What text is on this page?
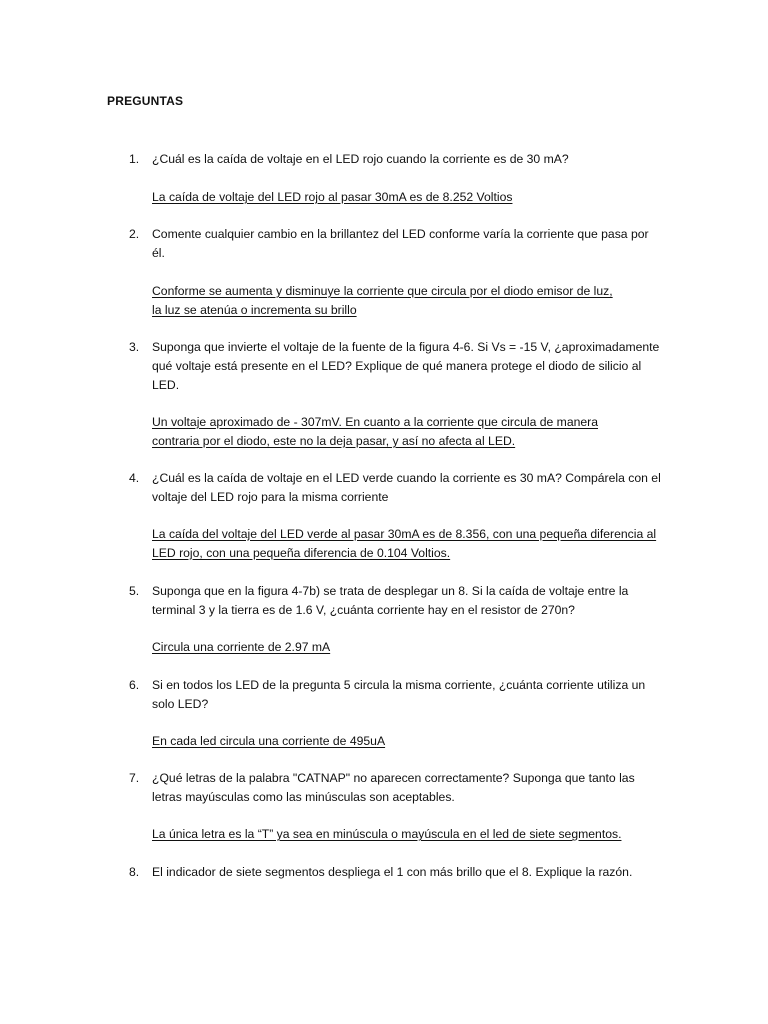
PREGUNTAS
1. ¿Cuál es la caída de voltaje en el LED rojo cuando la corriente es de 30 mA?
La caída de voltaje del LED rojo al pasar 30mA es de 8.252 Voltios
2. Comente cualquier cambio en la brillantez del LED conforme varía la corriente que pasa por él.
Conforme se aumenta y disminuye la corriente que circula por el diodo emisor de luz, la luz se atenúa o incrementa su brillo
3. Suponga que invierte el voltaje de la fuente de la figura 4-6. Si Vs = -15 V, ¿aproximadamente qué voltaje está presente en el LED? Explique de qué manera protege el diodo de silicio al LED.
Un voltaje aproximado de - 307mV. En cuanto a la corriente que circula de manera contraria por el diodo, este no la deja pasar, y así no afecta al LED.
4. ¿Cuál es la caída de voltaje en el LED verde cuando la corriente es 30 mA? Compárela con el voltaje del LED rojo para la misma corriente
La caída del voltaje del LED verde al pasar 30mA es de 8.356, con una pequeña diferencia al LED rojo, con una pequeña diferencia de 0.104 Voltios.
5. Suponga que en la figura 4-7b) se trata de desplegar un 8. Si la caída de voltaje entre la terminal 3 y la tierra es de 1.6 V, ¿cuánta corriente hay en el resistor de 270n?
Circula una corriente de 2.97 mA
6. Si en todos los LED de la pregunta 5 circula la misma corriente, ¿cuánta corriente utiliza un solo LED?
En cada led circula una corriente de 495uA
7. ¿Qué letras de la palabra "CATNAP" no aparecen correctamente? Suponga que tanto las letras mayúsculas como las minúsculas son aceptables.
La única letra es la “T” ya sea en minúscula o mayúscula en el led de siete segmentos.
8. El indicador de siete segmentos despliega el 1 con más brillo que el 8. Explique la razón.
